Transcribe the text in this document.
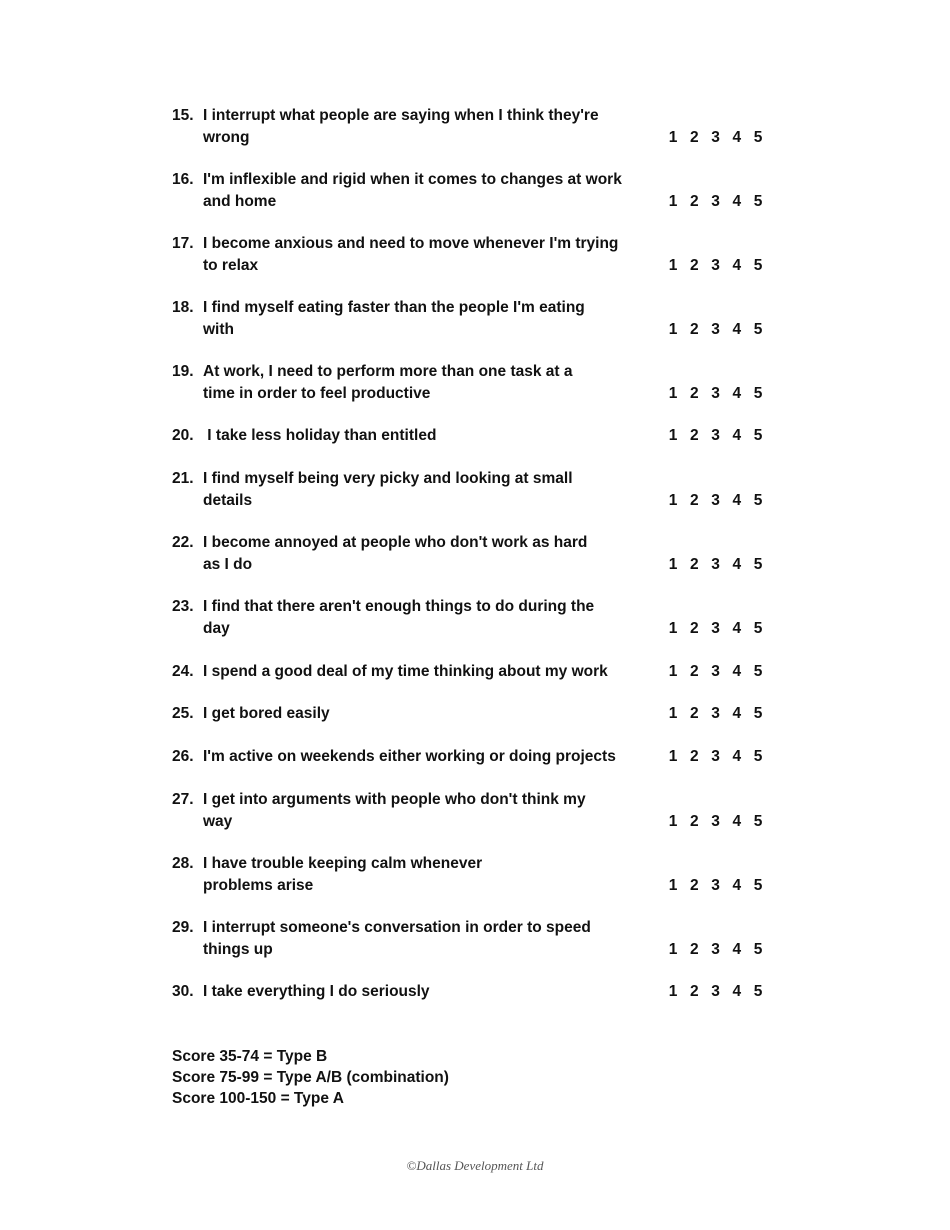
15. I interrupt what people are saying when I think they're wrong	1 2 3 4 5
16. I'm inflexible and rigid when it comes to changes at work and home	1 2 3 4 5
17. I become anxious and need to move whenever I'm trying to relax	1 2 3 4 5
18. I find myself eating faster than the people I'm eating with	1 2 3 4 5
19. At work, I need to perform more than one task at a time in order to feel productive	1 2 3 4 5
20. I take less holiday than entitled	1 2 3 4 5
21. I find myself being very picky and looking at small details	1 2 3 4 5
22. I become annoyed at people who don't work as hard as I do	1 2 3 4 5
23. I find that there aren't enough things to do during the day	1 2 3 4 5
24. I spend a good deal of my time thinking about my work	1 2 3 4 5
25. I get bored easily	1 2 3 4 5
26. I'm active on weekends either working or doing projects	1 2 3 4 5
27. I get into arguments with people who don't think my way	1 2 3 4 5
28. I have trouble keeping calm whenever problems arise	1 2 3 4 5
29. I interrupt someone's conversation in order to speed things up	1 2 3 4 5
30. I take everything I do seriously	1 2 3 4 5
Score 35-74 = Type B
Score 75-99 = Type A/B (combination)
Score 100-150 = Type A
©Dallas Development Ltd
